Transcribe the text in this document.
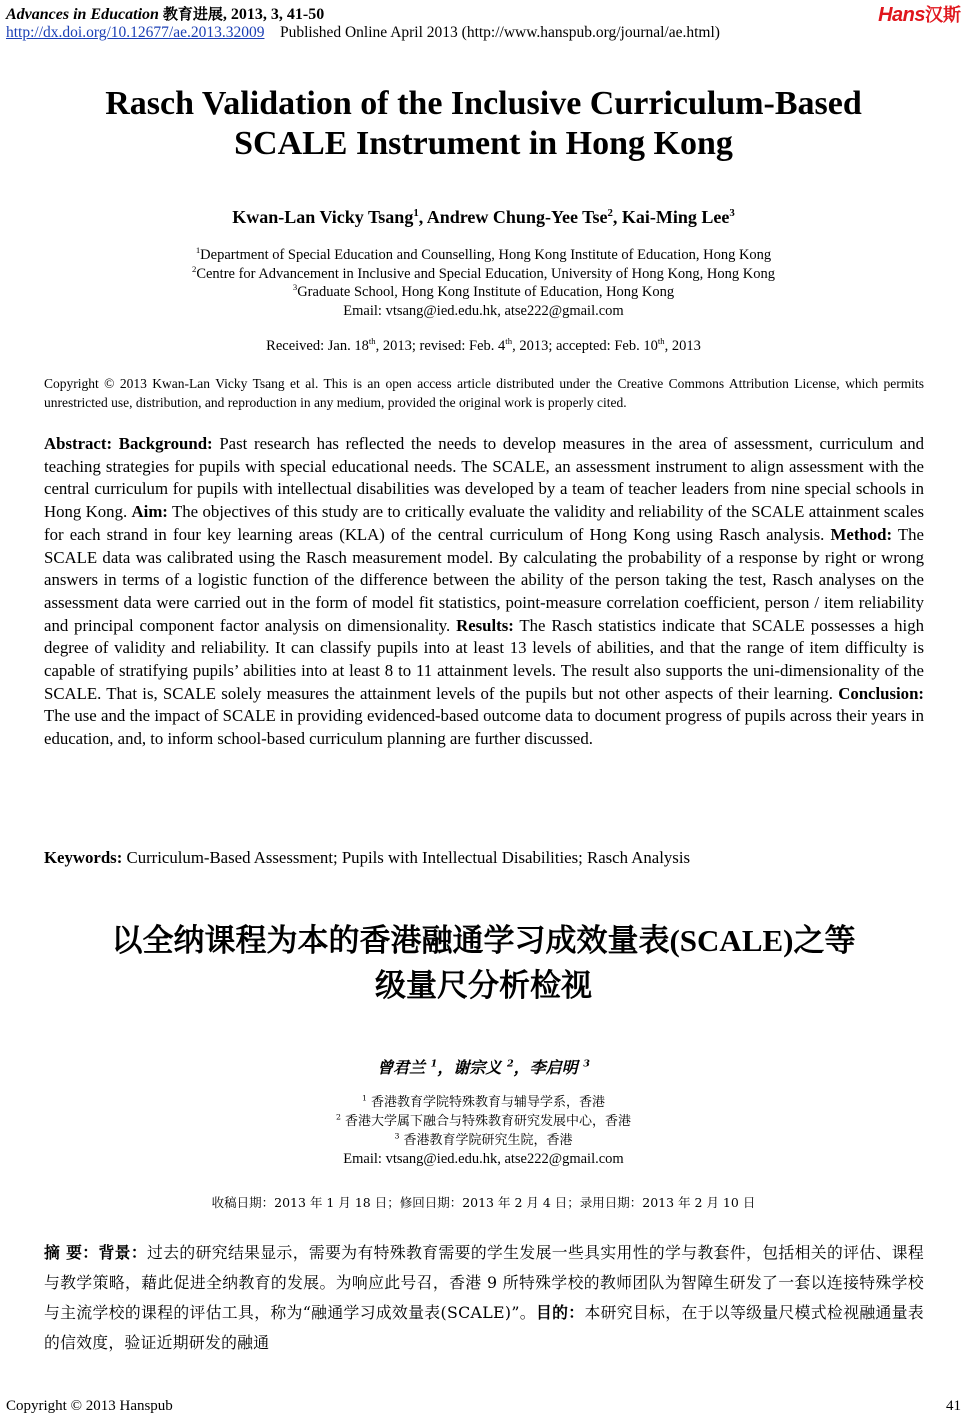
Advances in Education 教育进展, 2013, 3, 41-50
http://dx.doi.org/10.12677/ae.2013.32009 Published Online April 2013 (http://www.hanspub.org/journal/ae.html)
Hans汉斯
Rasch Validation of the Inclusive Curriculum-Based
SCALE Instrument in Hong Kong
Kwan-Lan Vicky Tsang$^1$, Andrew Chung-Yee Tse$^2$, Kai-Ming Lee$^3$
$^1$Department of Special Education and Counselling, Hong Kong Institute of Education, Hong Kong
$^2$Centre for Advancement in Inclusive and Special Education, University of Hong Kong, Hong Kong
$^3$Graduate School, Hong Kong Institute of Education, Hong Kong
Email: vtsang@ied.edu.hk, atse222@gmail.com
Received: Jan. 18th, 2013; revised: Feb. 4th, 2013; accepted: Feb. 10th, 2013
Copyright © 2013 Kwan-Lan Vicky Tsang et al. This is an open access article distributed under the Creative Commons Attribution License, which permits unrestricted use, distribution, and reproduction in any medium, provided the original work is properly cited.
Abstract: Background: Past research has reflected the needs to develop measures in the area of assessment, curriculum and teaching strategies for pupils with special educational needs. The SCALE, an assessment instrument to align assessment with the central curriculum for pupils with intellectual disabilities was developed by a team of teacher leaders from nine special schools in Hong Kong. Aim: The objectives of this study are to critically evaluate the validity and reliability of the SCALE attainment scales for each strand in four key learning areas (KLA) of the central curriculum of Hong Kong using Rasch analysis. Method: The SCALE data was calibrated using the Rasch measurement model. By calculating the probability of a response by right or wrong answers in terms of a logistic function of the difference between the ability of the person taking the test, Rasch analyses on the assessment data were carried out in the form of model fit statistics, point-measure correlation coefficient, person / item reliability and principal component factor analysis on dimensionality. Results: The Rasch statistics indicate that SCALE possesses a high degree of validity and reliability. It can classify pupils into at least 13 levels of abilities, and that the range of item difficulty is capable of stratifying pupils’ abilities into at least 8 to 11 attainment levels. The result also supports the uni-dimensionality of the SCALE. That is, SCALE solely measures the attainment levels of the pupils but not other aspects of their learning. Conclusion: The use and the impact of SCALE in providing evidenced-based outcome data to document progress of pupils across their years in education, and, to inform school-based curriculum planning are further discussed.
Keywords: Curriculum-Based Assessment; Pupils with Intellectual Disabilities; Rasch Analysis
以全纳课程为本的香港融通学习成效量表(SCALE)之等
级量尺分析检视
曾君兰 $^1$，谢宗义 $^2$，李启明 $^3$
$^1$ 香港教育学院特殊教育与辅导学系，香港
$^2$ 香港大学属下融合与特殊教育研究发展中心，香港
$^3$ 香港教育学院研究生院，香港
Email: vtsang@ied.edu.hk, atse222@gmail.com
收稿日期：2013 年 1 月 18 日；修回日期：2013 年 2 月 4 日；录用日期：2013 年 2 月 10 日
摘 要：背景：过去的研究结果显示，需要为有特殊教育需要的学生发展一些具实用性的学与教套件，包括相关的评估、课程与教学策略，藉此促进全纳教育的发展。为响应此号召，香港 9 所特殊学校的教师团队为智障生研发了一套以连接特殊学校与主流学校的课程的评估工具，称为“融通学习成效量表(SCALE)”。目的：本研究目标，在于以等级量尺模式检视融通量表的信效度，验证近期研发的融通
Copyright © 2013 Hanspub	41
